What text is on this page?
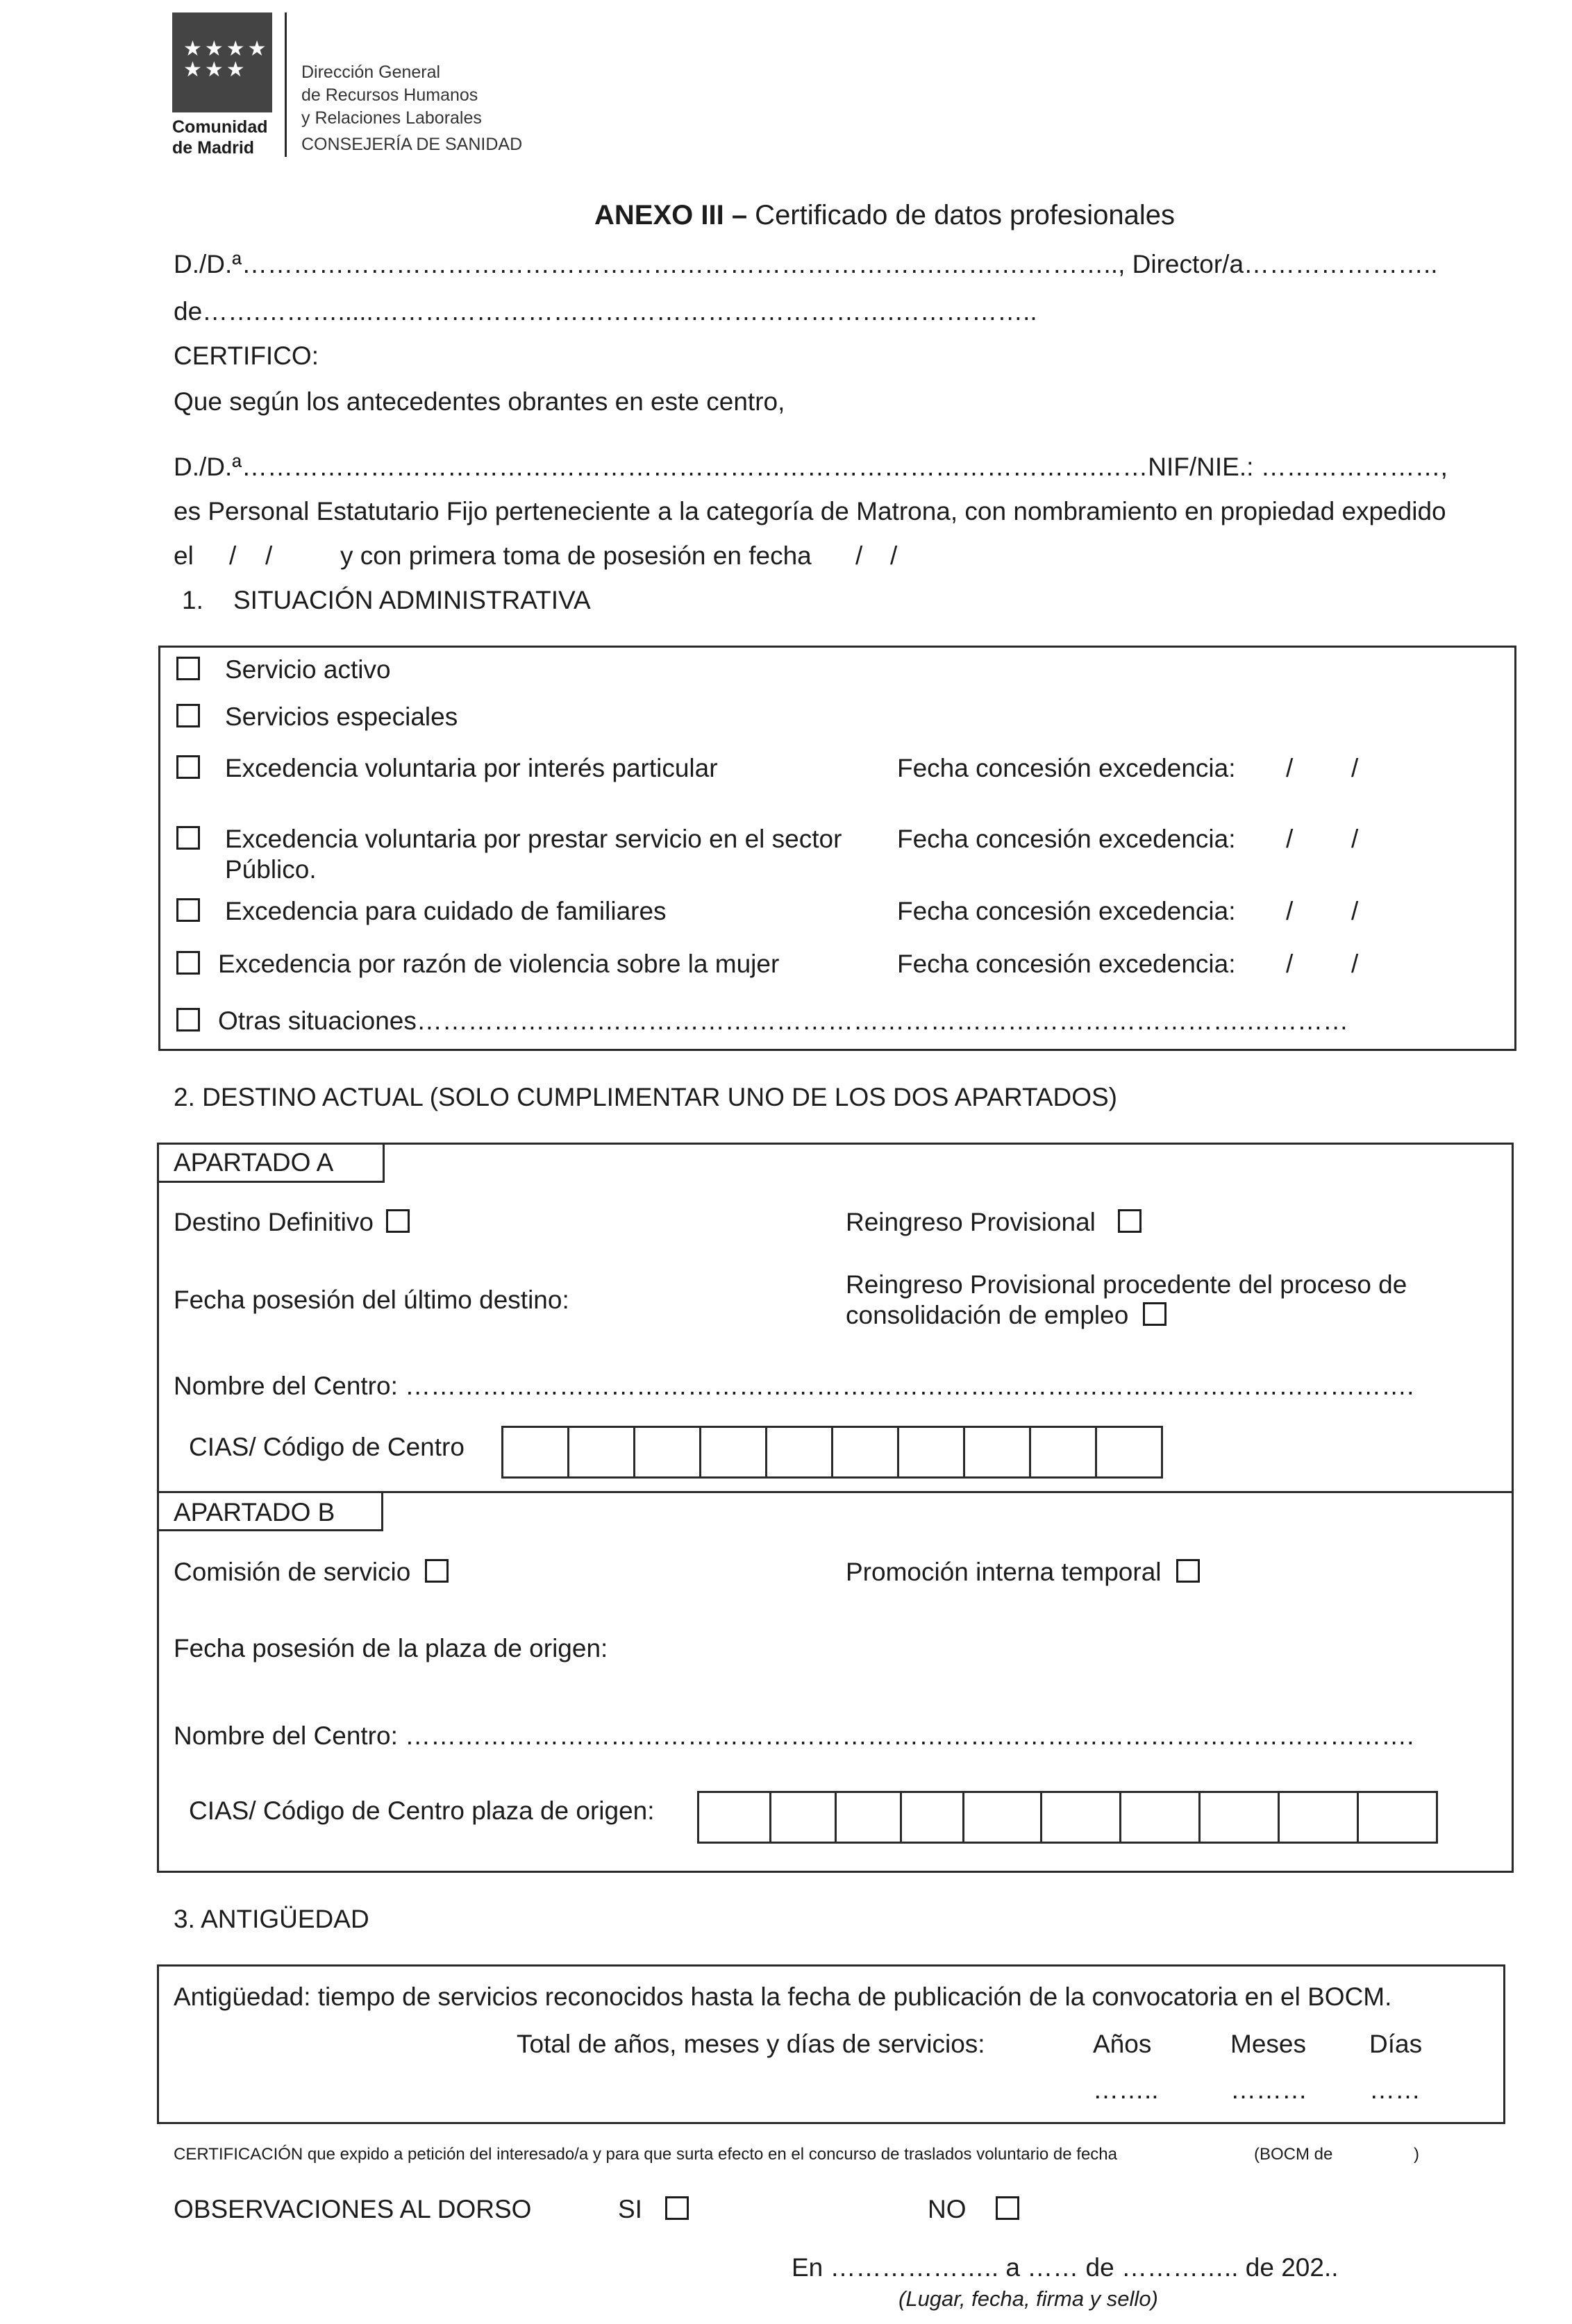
★★★★
★★★
Comunidad
de Madrid
Dirección General
de Recursos Humanos
y Relaciones Laborales
CONSEJERÍA DE SANIDAD
ANEXO III – Certificado de datos profesionales
D./D.ª……………………………………………………………………….…….………….., Director/a…………………..
de…….……….....…………………………………………………….……………..
CERTIFICO:
Que según los antecedentes obrantes en este centro,
D./D.ª……………………………………………………………………………………….……NIF/NIE.: …………………,
es Personal Estatutario Fijo perteneciente a la categoría de Matrona, con nombramiento en propiedad expedido
el / /	y con primera toma de posesión en fecha / /
1. SITUACIÓN ADMINISTRATIVA
Servicio activo
Servicios especiales
Excedencia voluntaria por interés particular	Fecha concesión excedencia: / /
Excedencia voluntaria por prestar servicio en el sector
Público.
Fecha concesión excedencia: / /
Excedencia para cuidado de familiares	Fecha concesión excedencia: / /
Excedencia por razón de violencia sobre la mujer	Fecha concesión excedencia: / /
Otras situaciones…………………………………………………………………………………….…………
2. DESTINO ACTUAL (SOLO CUMPLIMENTAR UNO DE LOS DOS APARTADOS)
APARTADO A
Destino Definitivo	Reingreso Provisional
Fecha posesión del último destino:
Reingreso Provisional procedente del proceso de
consolidación de empleo
Nombre del Centro: ……………………………………………………………………………………………………….
CIAS/ Código de Centro
APARTADO B
Comisión de servicio	Promoción interna temporal
Fecha posesión de la plaza de origen:
Nombre del Centro: ……………………………………………………………………………………………………….
CIAS/ Código de Centro plaza de origen:
3. ANTIGÜEDAD
Antigüedad: tiempo de servicios reconocidos hasta la fecha de publicación de la convocatoria en el BOCM.
Total de años, meses y días de servicios:	Años	Meses Días
……..	……… ……
CERTIFICACIÓN que expido a petición del interesado/a y para que surta efecto en el concurso de traslados voluntario de fecha	(BOCM de	)
OBSERVACIONES AL DORSO	SI	NO
En ……………….. a …… de ………….. de 202..
(Lugar, fecha, firma y sello)
